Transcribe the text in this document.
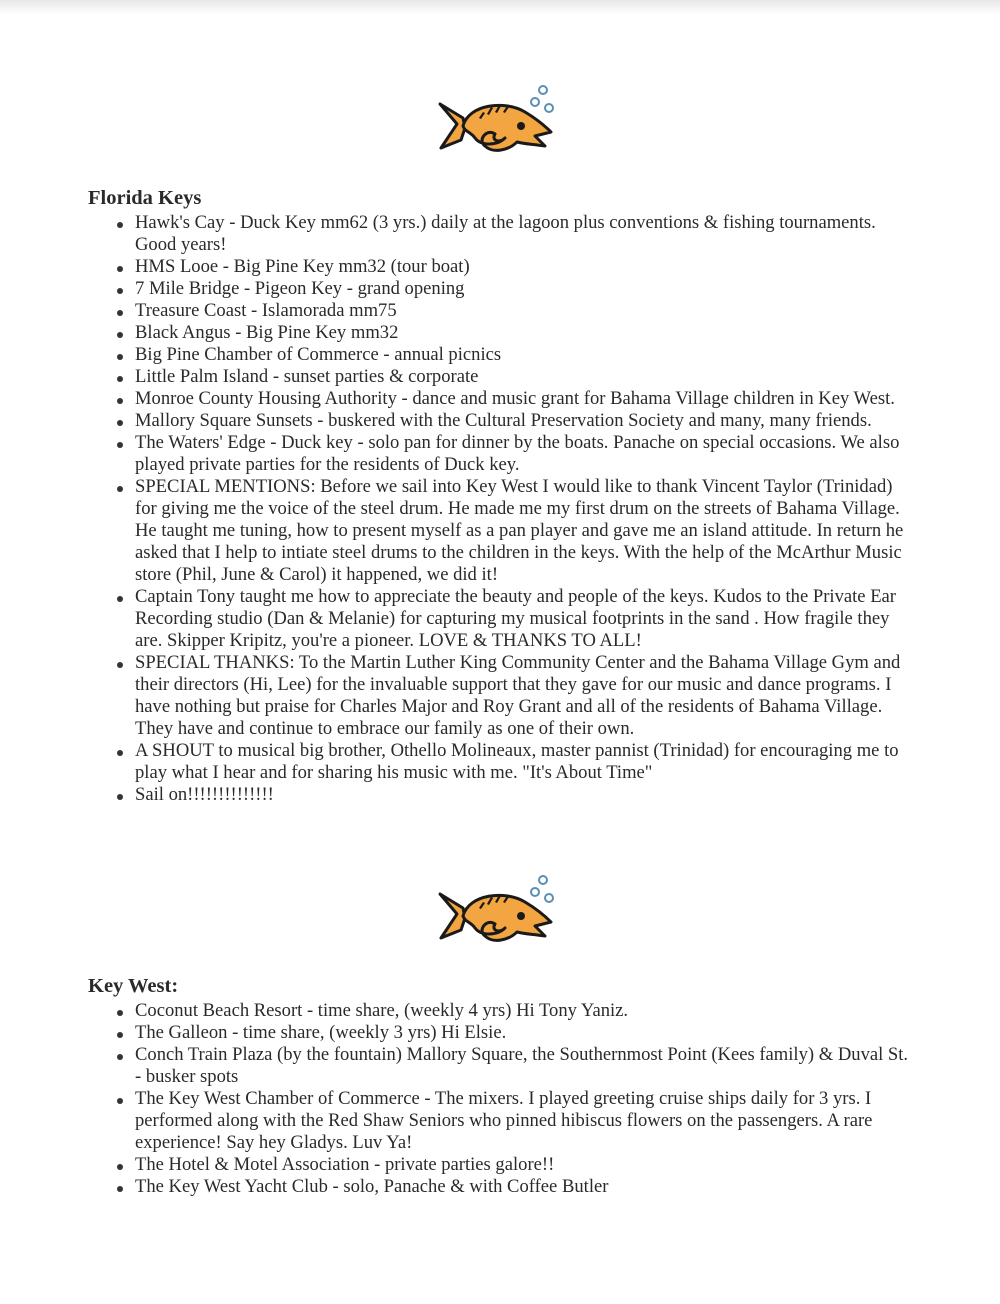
Florida Keys
Hawk's Cay - Duck Key mm62 (3 yrs.) daily at the lagoon plus conventions & fishing tournaments. Good years!
HMS Looe - Big Pine Key mm32 (tour boat)
7 Mile Bridge - Pigeon Key - grand opening
Treasure Coast - Islamorada mm75
Black Angus - Big Pine Key mm32
Big Pine Chamber of Commerce - annual picnics
Little Palm Island - sunset parties & corporate
Monroe County Housing Authority - dance and music grant for Bahama Village children in Key West.
Mallory Square Sunsets - buskered with the Cultural Preservation Society and many, many friends.
The Waters' Edge - Duck key - solo pan for dinner by the boats. Panache on special occasions. We also played private parties for the residents of Duck key.
SPECIAL MENTIONS: Before we sail into Key West I would like to thank Vincent Taylor (Trinidad) for giving me the voice of the steel drum. He made me my first drum on the streets of Bahama Village. He taught me tuning, how to present myself as a pan player and gave me an island attitude. In return he asked that I help to intiate steel drums to the children in the keys. With the help of the McArthur Music store (Phil, June & Carol) it happened, we did it!
Captain Tony taught me how to appreciate the beauty and people of the keys. Kudos to the Private Ear Recording studio (Dan & Melanie) for capturing my musical footprints in the sand . How fragile they are. Skipper Kripitz, you're a pioneer. LOVE & THANKS TO ALL!
SPECIAL THANKS: To the Martin Luther King Community Center and the Bahama Village Gym and their directors (Hi, Lee) for the invaluable support that they gave for our music and dance programs. I have nothing but praise for Charles Major and Roy Grant and all of the residents of Bahama Village. They have and continue to embrace our family as one of their own.
A SHOUT to musical big brother, Othello Molineaux, master pannist (Trinidad) for encouraging me to play what I hear and for sharing his music with me. "It's About Time"
Sail on!!!!!!!!!!!!!!
Key West:
Coconut Beach Resort - time share, (weekly 4 yrs) Hi Tony Yaniz.
The Galleon - time share, (weekly 3 yrs) Hi Elsie.
Conch Train Plaza (by the fountain) Mallory Square, the Southernmost Point (Kees family) & Duval St. - busker spots
The Key West Chamber of Commerce - The mixers. I played greeting cruise ships daily for 3 yrs. I performed along with the Red Shaw Seniors who pinned hibiscus flowers on the passengers. A rare experience! Say hey Gladys. Luv Ya!
The Hotel & Motel Association - private parties galore!!
The Key West Yacht Club - solo, Panache & with Coffee Butler
